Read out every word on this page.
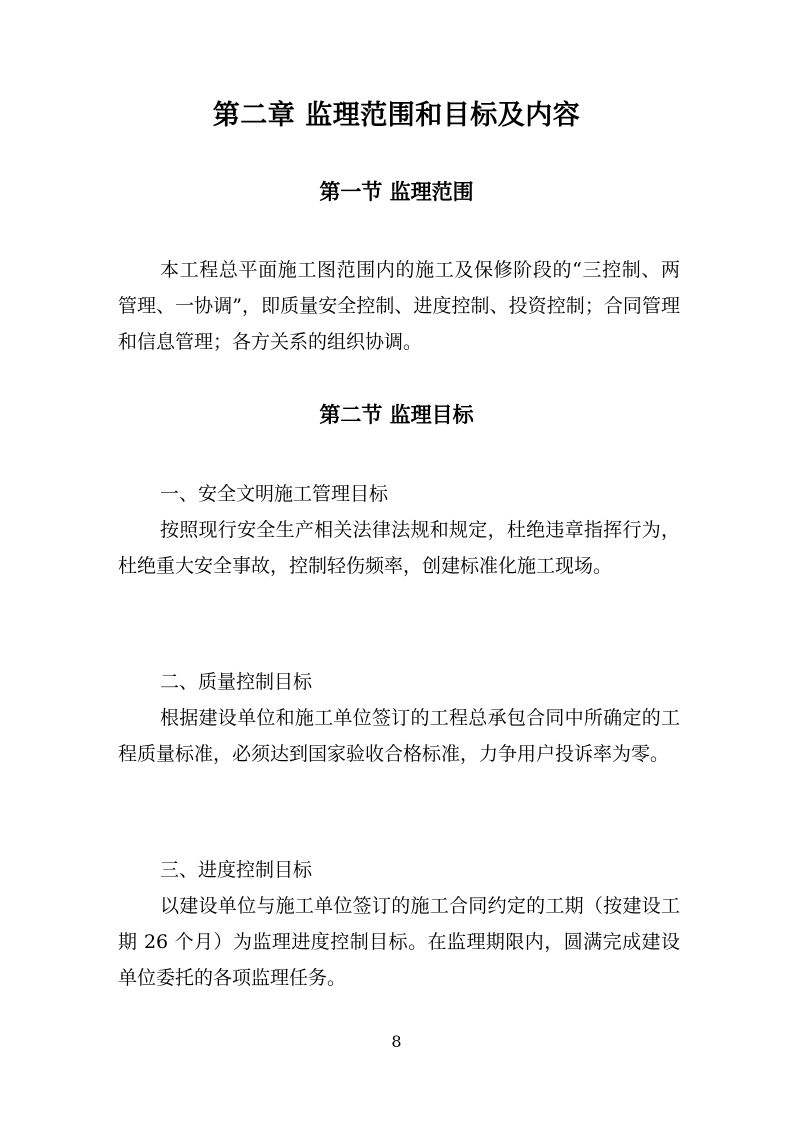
第二章 监理范围和目标及内容
第一节 监理范围

本工程总平面施工图范围内的施工及保修阶段的“三控制、两管理、一协调”，即质量安全控制、进度控制、投资控制；合同管理和信息管理；各方关系的组织协调。

第二节 监理目标

一、安全文明施工管理目标

按照现行安全生产相关法律法规和规定，杜绝违章指挥行为，杜绝重大安全事故，控制轻伤频率，创建标准化施工现场。

二、质量控制目标

根据建设单位和施工单位签订的工程总承包合同中所确定的工程质量标准，必须达到国家验收合格标准，力争用户投诉率为零。

三、进度控制目标

以建设单位与施工单位签订的施工合同约定的工期（按建设工期 26 个月）为监理进度控制目标。在监理期限内，圆满完成建设单位委托的各项监理任务。

8
